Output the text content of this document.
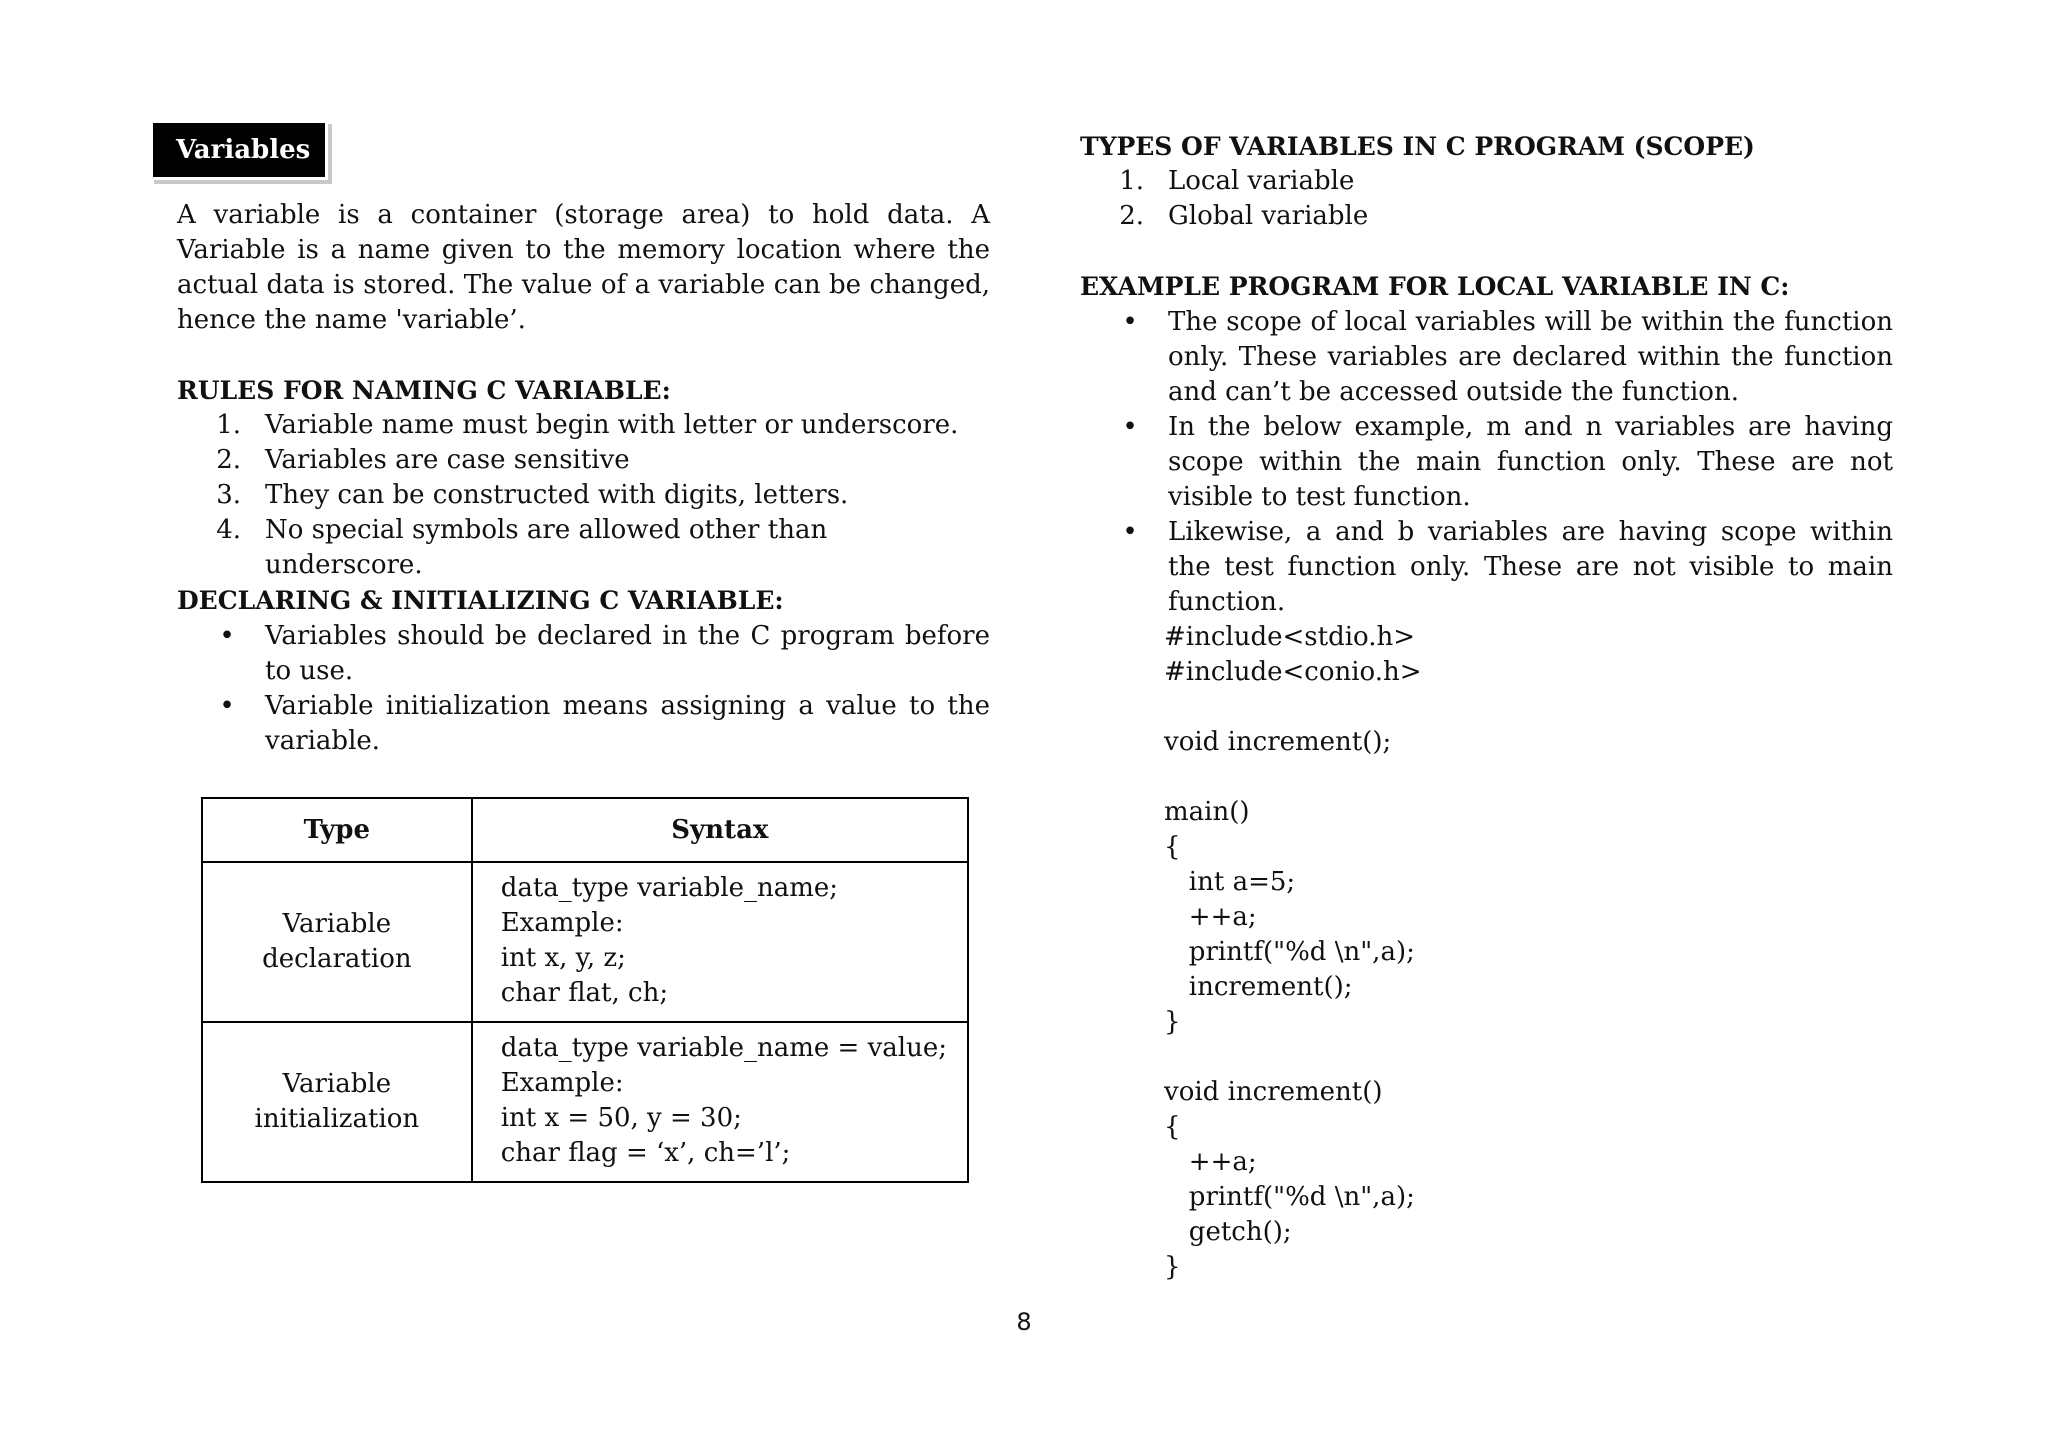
Variables

A variable is a container (storage area) to hold data. A Variable is a name given to the memory location where the actual data is stored. The value of a variable can be changed, hence the name 'variable’.

RULES FOR NAMING C VARIABLE:

1. Variable name must begin with letter or underscore.
2. Variables are case sensitive
3. They can be constructed with digits, letters.
4. No special symbols are allowed other than underscore.

DECLARING & INITIALIZING C VARIABLE:

• Variables should be declared in the C program before to use.
• Variable initialization means assigning a value to the variable.
Type	Syntax

Variable
declaration	data_type variable_name;
Example:
int x, y, z;
char flat, ch;

Variable
initialization	data_type variable_name = value;
Example:
int x = 50, y = 30;
char flag = ‘x’, ch=’l’;

TYPES OF VARIABLES IN C PROGRAM (SCOPE)

1. Local variable
2. Global variable

EXAMPLE PROGRAM FOR LOCAL VARIABLE IN C:

• The scope of local variables will be within the function only. These variables are declared within the function and can’t be accessed outside the function.
• In the below example, m and n variables are having scope within the main function only. These are not visible to test function.
• Likewise, a and b variables are having scope within the test function only. These are not visible to main function.
#include<stdio.h>
#include<conio.h>

void increment();

main()
{
int a=5;
++a;
printf("%d \n",a);
increment();
}

void increment()
{
++a;
printf("%d \n",a);
getch();
}
8
